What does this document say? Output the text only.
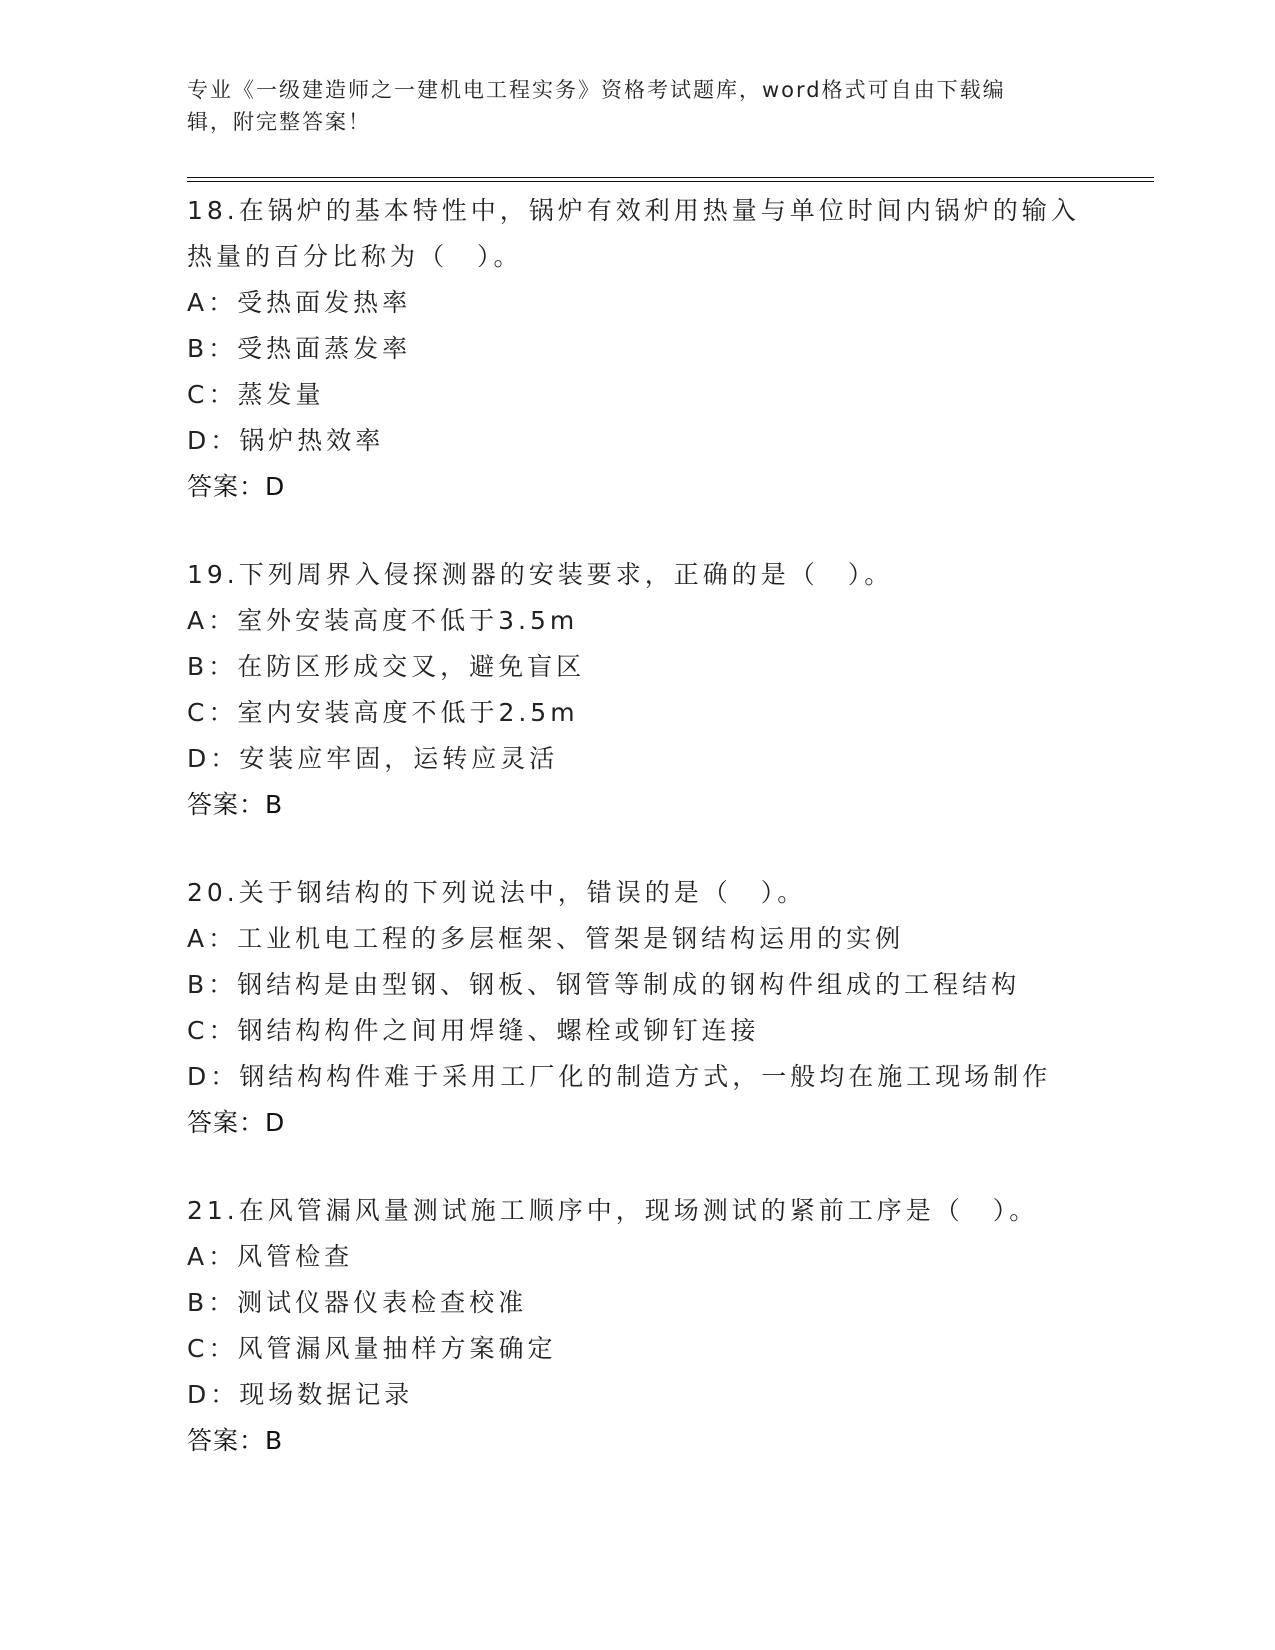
专业《一级建造师之一建机电工程实务》资格考试题库，word格式可自由下载编
辑，附完整答案！
18.在锅炉的基本特性中，锅炉有效利用热量与单位时间内锅炉的输入
热量的百分比称为（　）。
A：受热面发热率
B：受热面蒸发率
C：蒸发量
D：锅炉热效率
答案：D
19.下列周界入侵探测器的安装要求，正确的是（　）。
A：室外安装高度不低于3.5m
B：在防区形成交叉，避免盲区
C：室内安装高度不低于2.5m
D：安装应牢固，运转应灵活
答案：B
20.关于钢结构的下列说法中，错误的是（　）。
A：工业机电工程的多层框架、管架是钢结构运用的实例
B：钢结构是由型钢、钢板、钢管等制成的钢构件组成的工程结构
C：钢结构构件之间用焊缝、螺栓或铆钉连接
D：钢结构构件难于采用工厂化的制造方式，一般均在施工现场制作
答案：D
21.在风管漏风量测试施工顺序中，现场测试的紧前工序是（　）。
A：风管检查
B：测试仪器仪表检查校准
C：风管漏风量抽样方案确定
D：现场数据记录
答案：B
